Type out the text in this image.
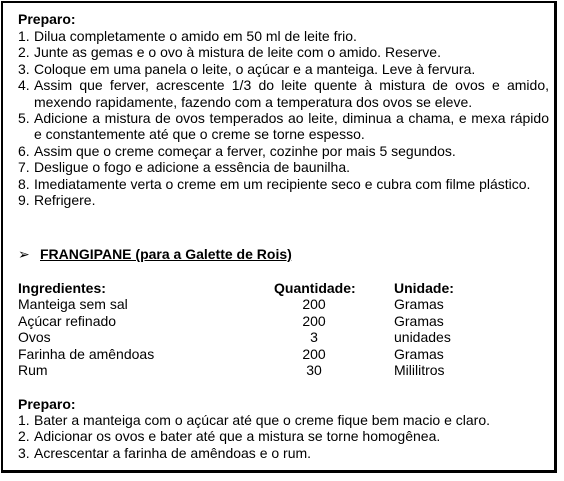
Preparo:
1. Dilua completamente o amido em 50 ml de leite frio.
2. Junte as gemas e o ovo à mistura de leite com o amido. Reserve.
3. Coloque em uma panela o leite, o açúcar e a manteiga. Leve à fervura.
4. Assim que ferver, acrescente 1/3 do leite quente à mistura de ovos e amido, mexendo rapidamente, fazendo com a temperatura dos ovos se eleve.
5. Adicione a mistura de ovos temperados ao leite, diminua a chama, e mexa rápido e constantemente até que o creme se torne espesso.
6. Assim que o creme começar a ferver, cozinhe por mais 5 segundos.
7. Desligue o fogo e adicione a essência de baunilha.
8. Imediatamente verta o creme em um recipiente seco e cubra com filme plástico.
9. Refrigere.
➢ FRANGIPANE (para a Galette de Rois)
Ingredientes:	Quantidade:	Unidade:
Manteiga sem sal	200	Gramas
Açúcar refinado	200	Gramas
Ovos	3	unidades
Farinha de amêndoas	200	Gramas
Rum	30	Mililitros
Preparo:
1. Bater a manteiga com o açúcar até que o creme fique bem macio e claro.
2. Adicionar os ovos e bater até que a mistura se torne homogênea.
3. Acrescentar a farinha de amêndoas e o rum.
